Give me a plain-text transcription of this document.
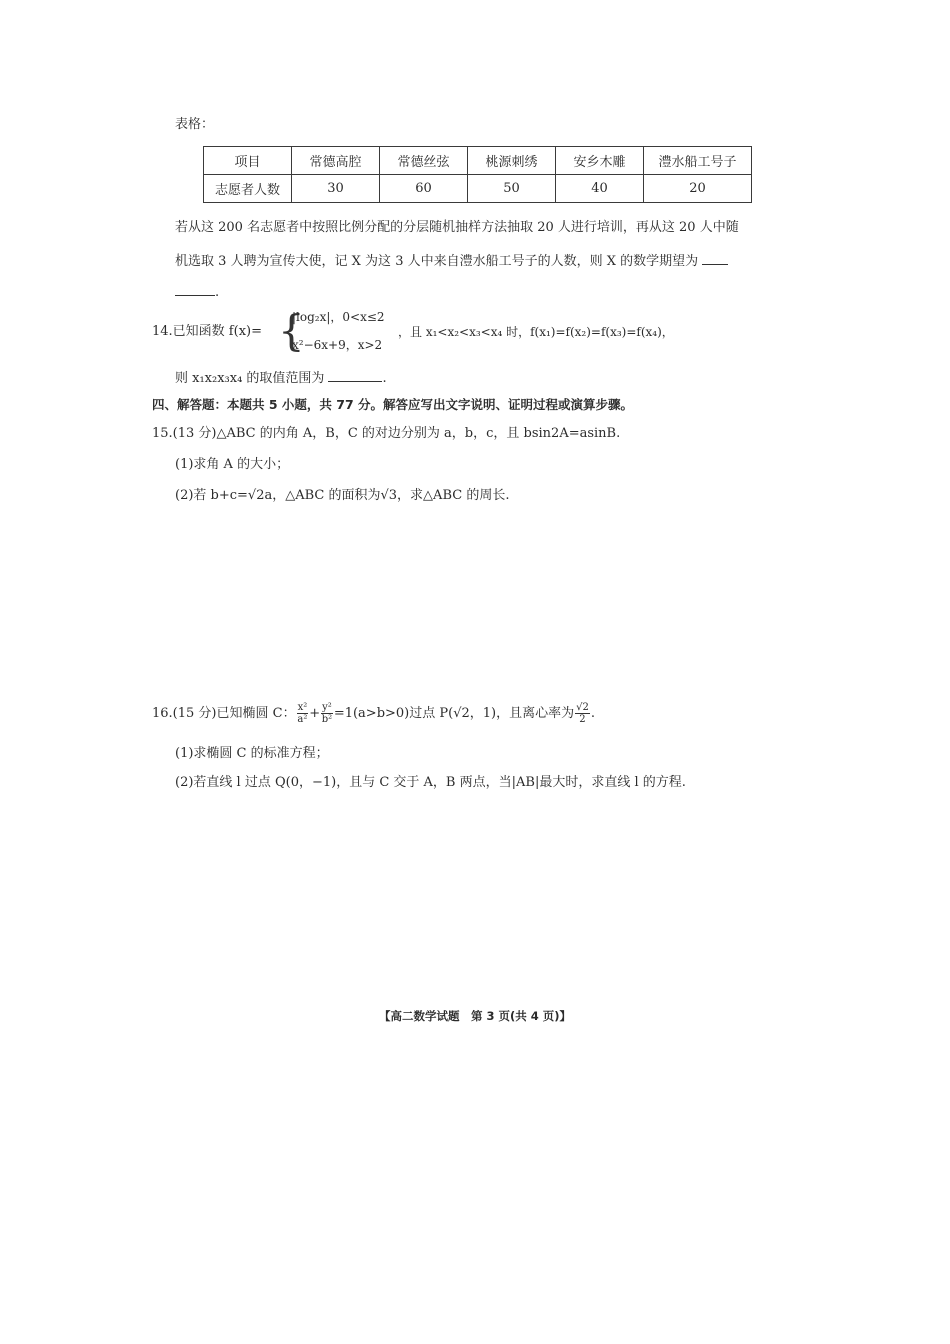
表格：
项目	常德高腔	常德丝弦	桃源刺绣	安乡木雕	澧水船工号子
志愿者人数	30	60	50	40	20
若从这 200 名志愿者中按照比例分配的分层随机抽样方法抽取 20 人进行培训，再从这 20 人中随
机选取 3 人聘为宣传大使，记 X 为这 3 人中来自澧水船工号子的人数，则 X 的数学期望为
.
14.已知函数 f(x)= {
|log₂x|，0<x≤2
x²−6x+9，x>2
，且 x₁<x₂<x₃<x₄ 时，f(x₁)=f(x₂)=f(x₃)=f(x₄)，
则 x₁x₂x₃x₄ 的取值范围为	.
四、解答题：本题共 5 小题，共 77 分。解答应写出文字说明、证明过程或演算步骤。
15.(13 分)△ABC 的内角 A，B，C 的对边分别为 a，b，c，且 bsin2A=asinB.
(1)求角 A 的大小；
(2)若 b+c=√2a，△ABC 的面积为√3，求△ABC 的周长.
16.(15 分)已知椭圆 C： $\frac{\text{x²}}{\text{a²}} + \frac{\text{y²}}{\text{b²}} =1(a>b>0)$过点 P(√2，1)，且离心率为 $\frac{√2}{2}$ .
(1)求椭圆 C 的标准方程；
(2)若直线 l 过点 Q(0，−1)，且与 C 交于 A，B 两点，当|AB|最大时，求直线 l 的方程.
【高二数学试题　第 3 页(共 4 页)】
